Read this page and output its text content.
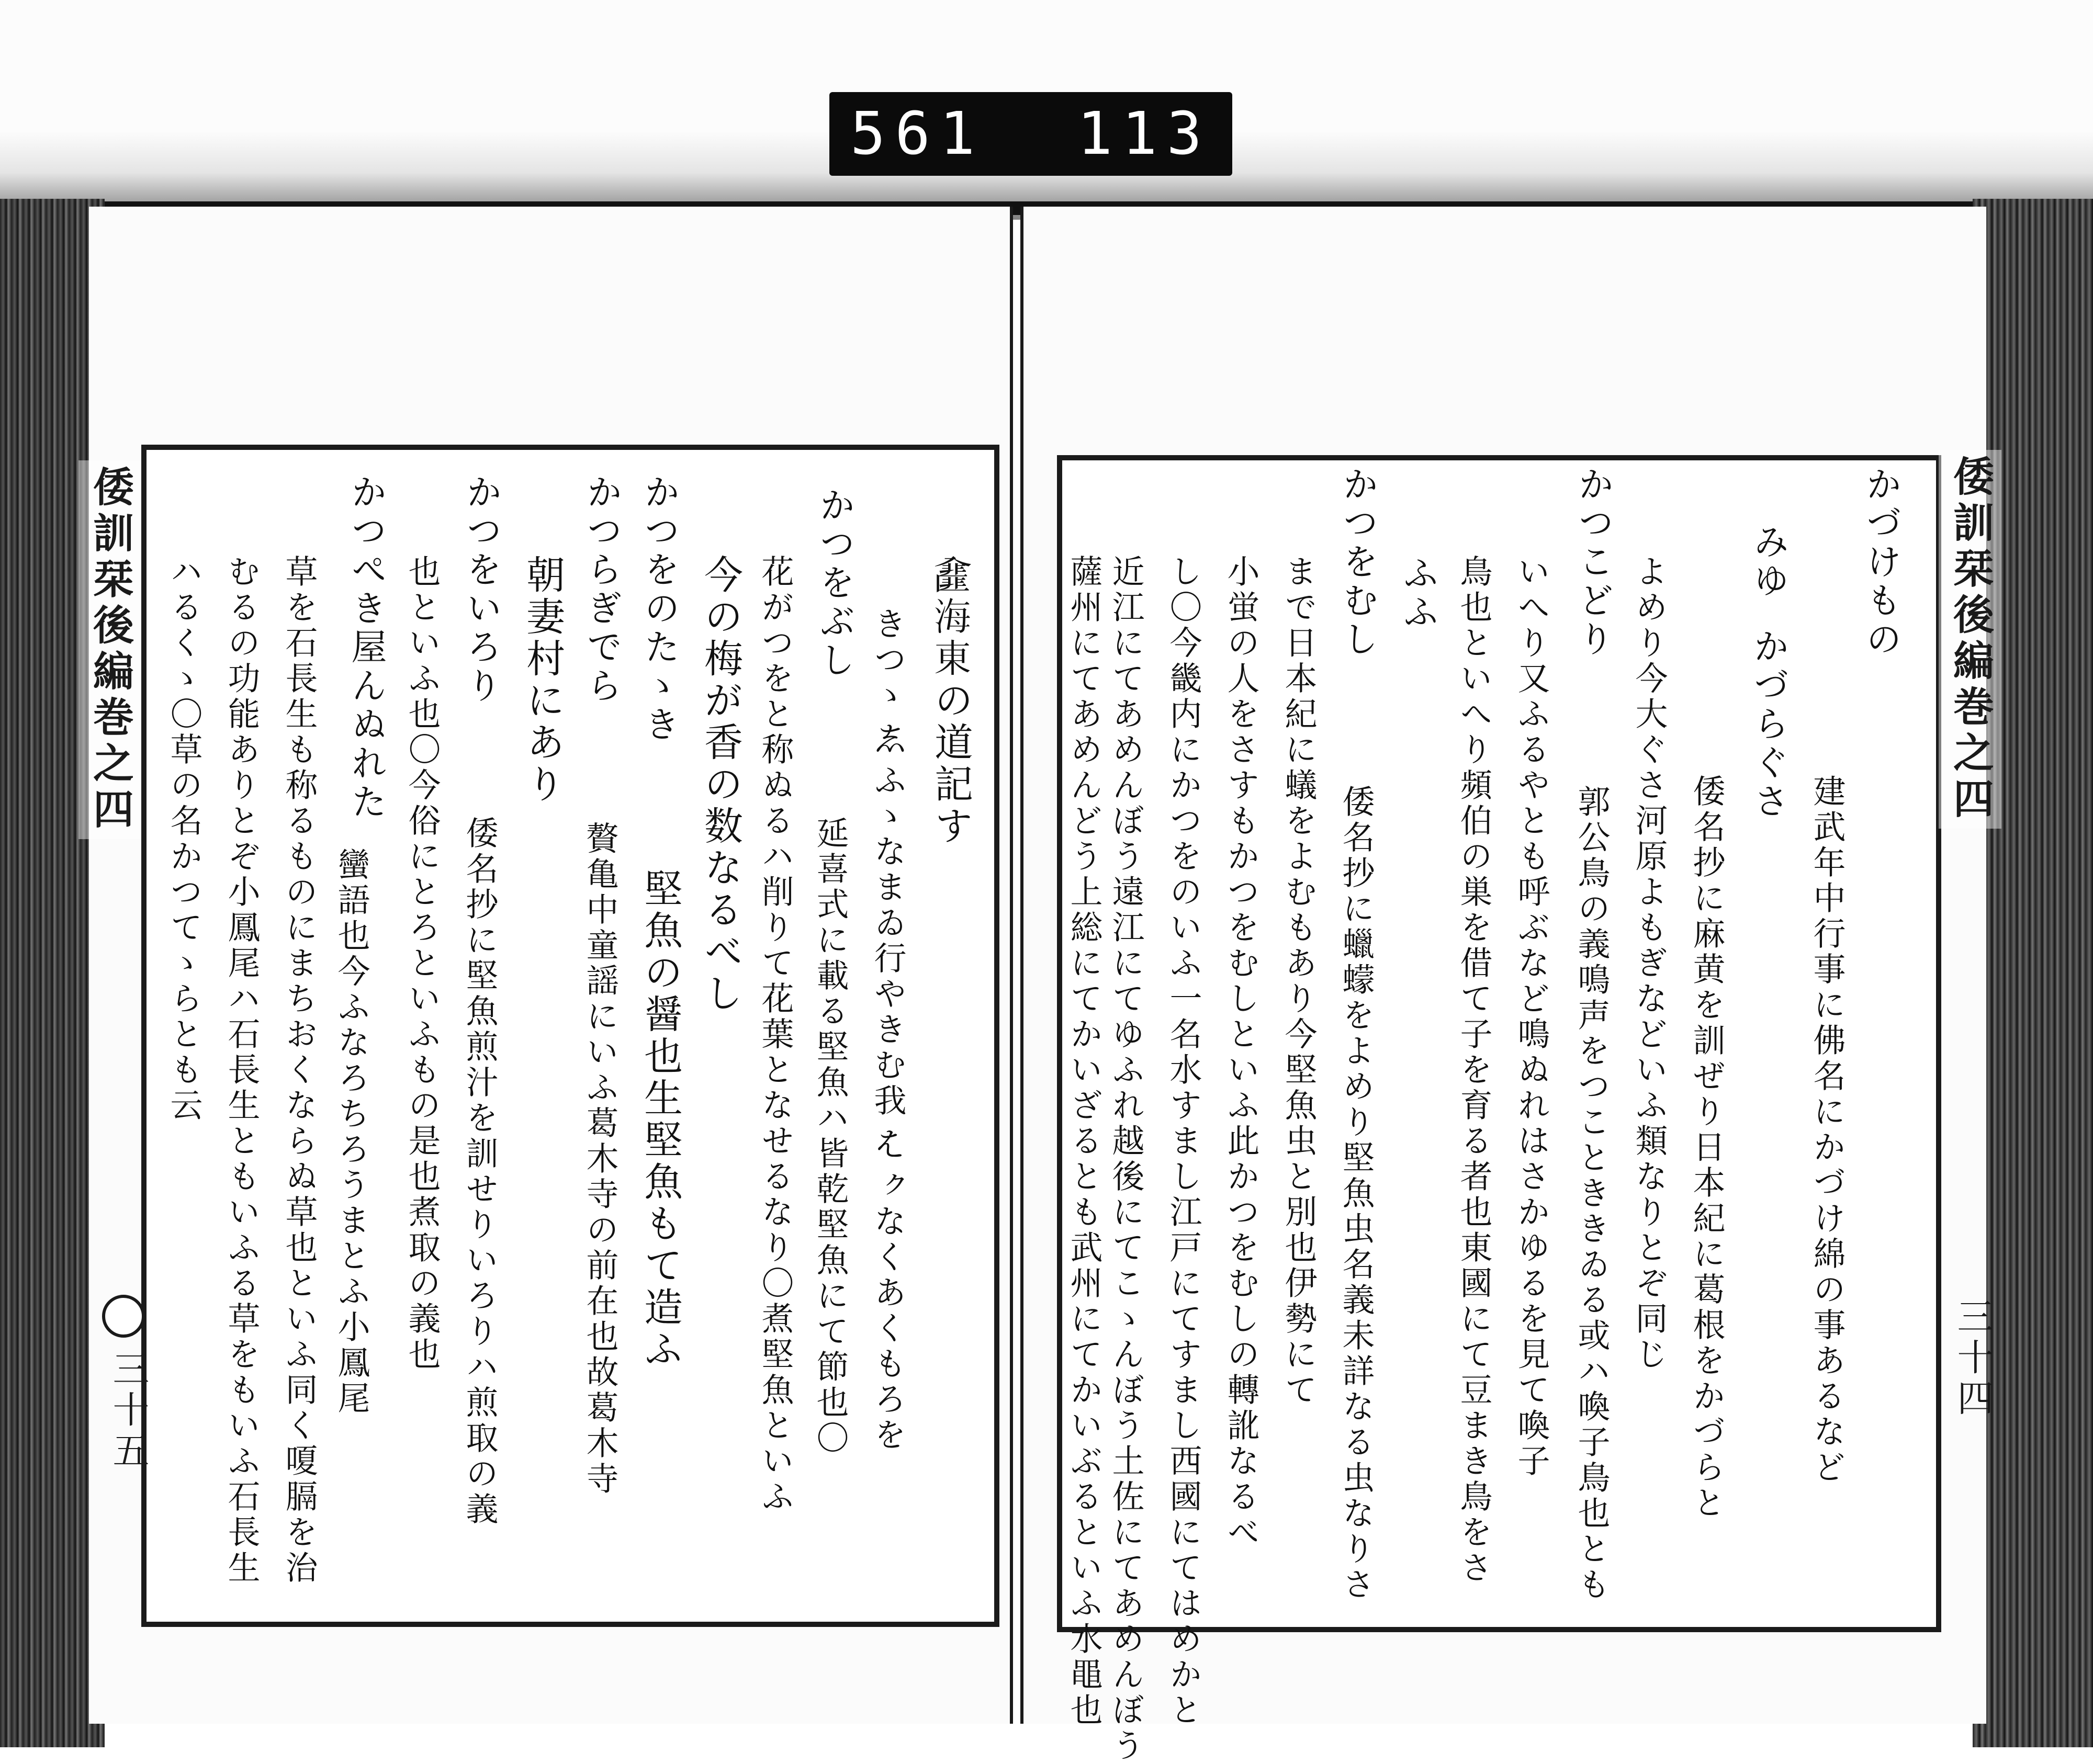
561 113
倭訓栞後編巻之四
三十五
倭訓栞後編巻之四
三十四
𠓿海東の道記す
きつゝ𛁈ふゝなまゐ行やきむ我𛂦ㇰなくあくもろを
かつをぶし
花がつをと称ぬるハ削りて花葉となせるなり〇煮堅魚といふ 延喜式に載る堅魚ハ皆乾堅魚にて節也〇
今の梅が香の数なるべし
かつをのたゝき
堅魚の醤也生堅魚もて造ふ
かつらぎでら
贅亀中童謡にいふ葛木寺の前在也故葛木寺
朝妻村にあり
かつをいろり
倭名抄に堅魚煎汁を訓せりいろりハ煎取の義
也といふ也〇今俗にとろといふもの是也煮取の義也
かつぺき屋んぬれた
蠻語也今ふなろちろうまとふ小鳳尾
草を石長生も称るものにまちおくならぬ草也といふ同く嗄膈を治
むるの功能ありとぞ小鳳尾ハ石長生ともいふる草をもいふ石長生
ハるくゝ〇草の名かつてゝらとも云	かづけもの
建武年中行事に佛名にかづけ綿の事あるなど
みゆ
かづらぐさ
倭名抄に麻黄を訓ぜり日本紀に葛根をかづらと
よめり今大ぐさ河原よもぎなどいふ類なりとぞ同じ
かつこどり
郭公鳥の義鳴声をつことききゐる或ハ喚子鳥也とも
いへり又ふるやとも呼ぶなど鳴ぬれはさかゆるを見て喚子
鳥也といへり頻伯の巣を借て子を育る者也東國にて豆まき鳥をさ
ふふ
かつをむし
倭名抄に蠟蠓をよめり堅魚虫名義未詳なる虫なりさ
まで日本紀に蟻をよむもあり今堅魚虫と別也伊勢にて
小蛍の人をさすもかつをむしといふ此かつをむしの轉訛なるべ
し〇今畿内にかつをのいふ一名水すまし江戸にてすまし西國にてはめかと
近江にてあめんぼう遠江にてゆふれ越後にてこゝんぼう土佐にてあめんぼう
薩州にてあめんどう上総にてかいざるとも武州にてかいぶるといふ水黽也
